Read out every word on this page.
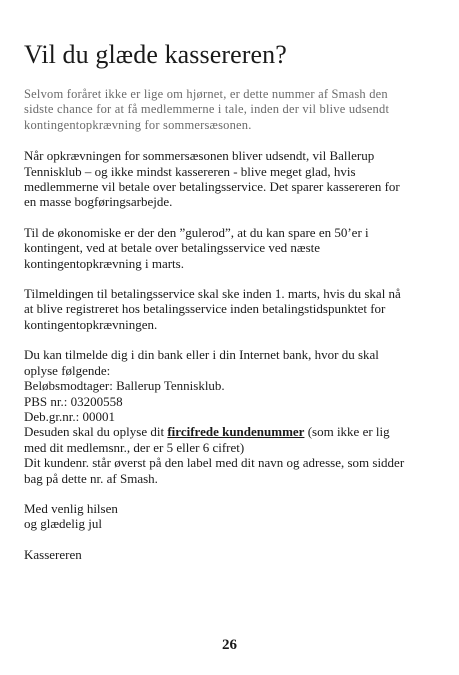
Vil du glæde kassereren?

Selvom foråret ikke er lige om hjørnet, er dette nummer af Smash den
sidste chance for at få medlemmerne i tale, inden der vil blive udsendt
kontingentopkrævning for sommersæsonen.

Når opkrævningen for sommersæsonen bliver udsendt, vil Ballerup
Tennisklub – og ikke mindst kassereren - blive meget glad, hvis
medlemmerne vil betale over betalingsservice. Det sparer kassereren for
en masse bogføringsarbejde.

Til de økonomiske er der den ”gulerod”, at du kan spare en 50’er i
kontingent, ved at betale over betalingsservice ved næste
kontingentopkrævning i marts.

Tilmeldingen til betalingsservice skal ske inden 1. marts, hvis du skal nå
at blive registreret hos betalingsservice inden betalingstidspunktet for
kontingentopkrævningen.

Du kan tilmelde dig i din bank eller i din Internet bank, hvor du skal
oplyse følgende:
Beløbsmodtager: Ballerup Tennisklub.
PBS nr.: 03200558
Deb.gr.nr.: 00001
Desuden skal du oplyse dit fircifrede kundenummer (som ikke er lig
med dit medlemsnr., der er 5 eller 6 cifret)
Dit kundenr. står øverst på den label med dit navn og adresse, som sidder
bag på dette nr. af Smash.

Med venlig hilsen
og glædelig jul

Kassereren

26
